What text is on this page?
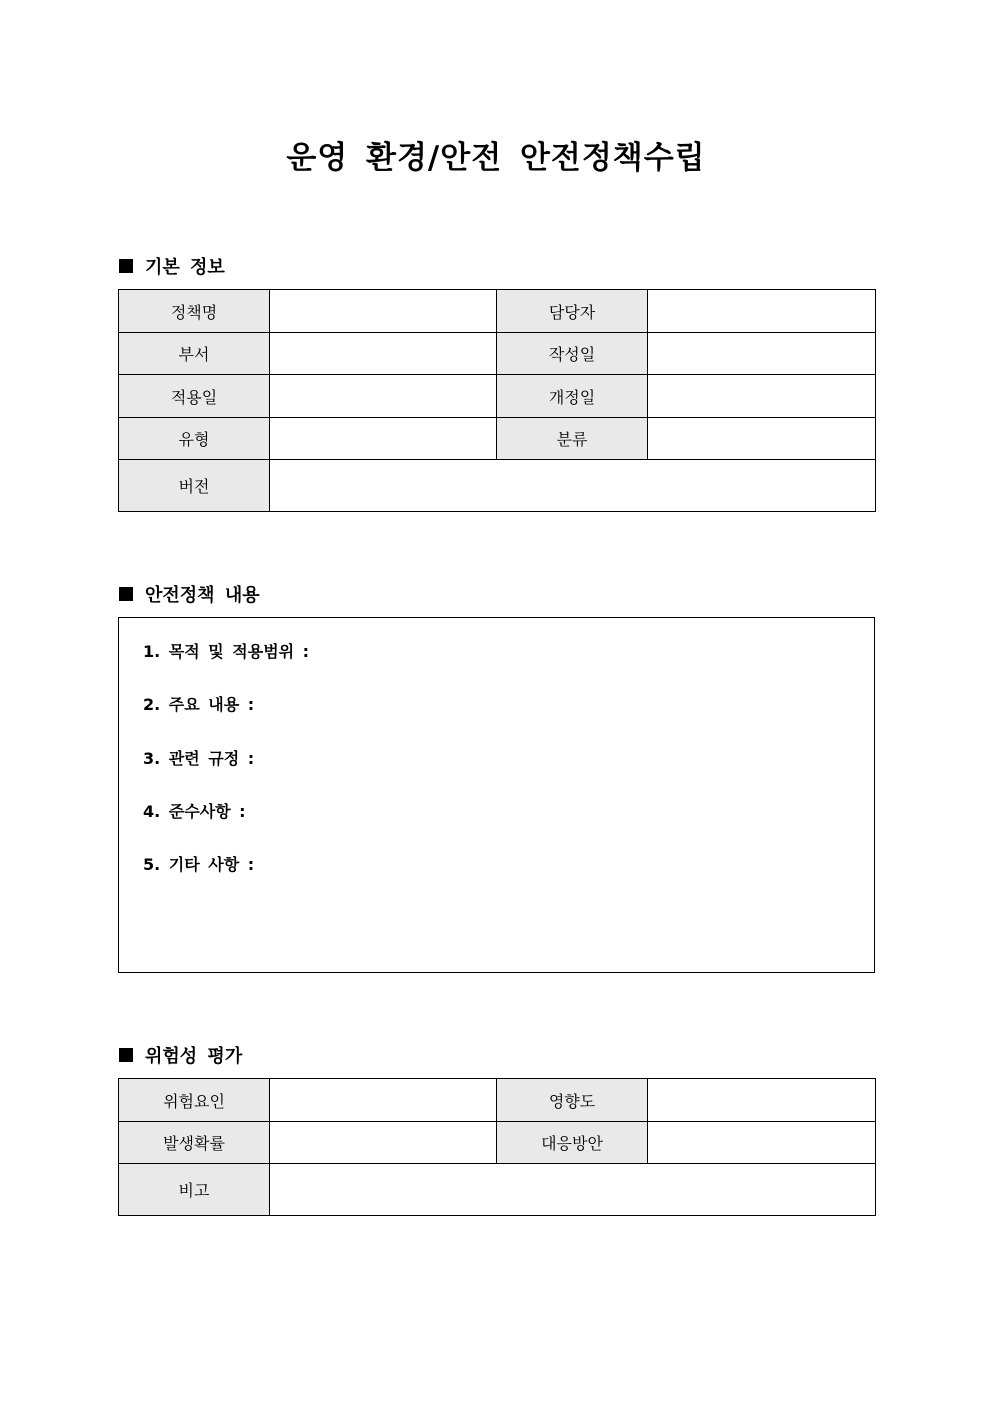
운영 환경/안전 안전정책수립
기본 정보
정책명		담당자	
부서		작성일	
적용일		개정일	
유형		분류	
버전			
안전정책 내용
1. 목적 및 적용범위 :
2. 주요 내용 :
3. 관련 규정 :
4. 준수사항 :
5. 기타 사항 :
위험성 평가
위험요인		영향도	
발생확률		대응방안	
비고			
